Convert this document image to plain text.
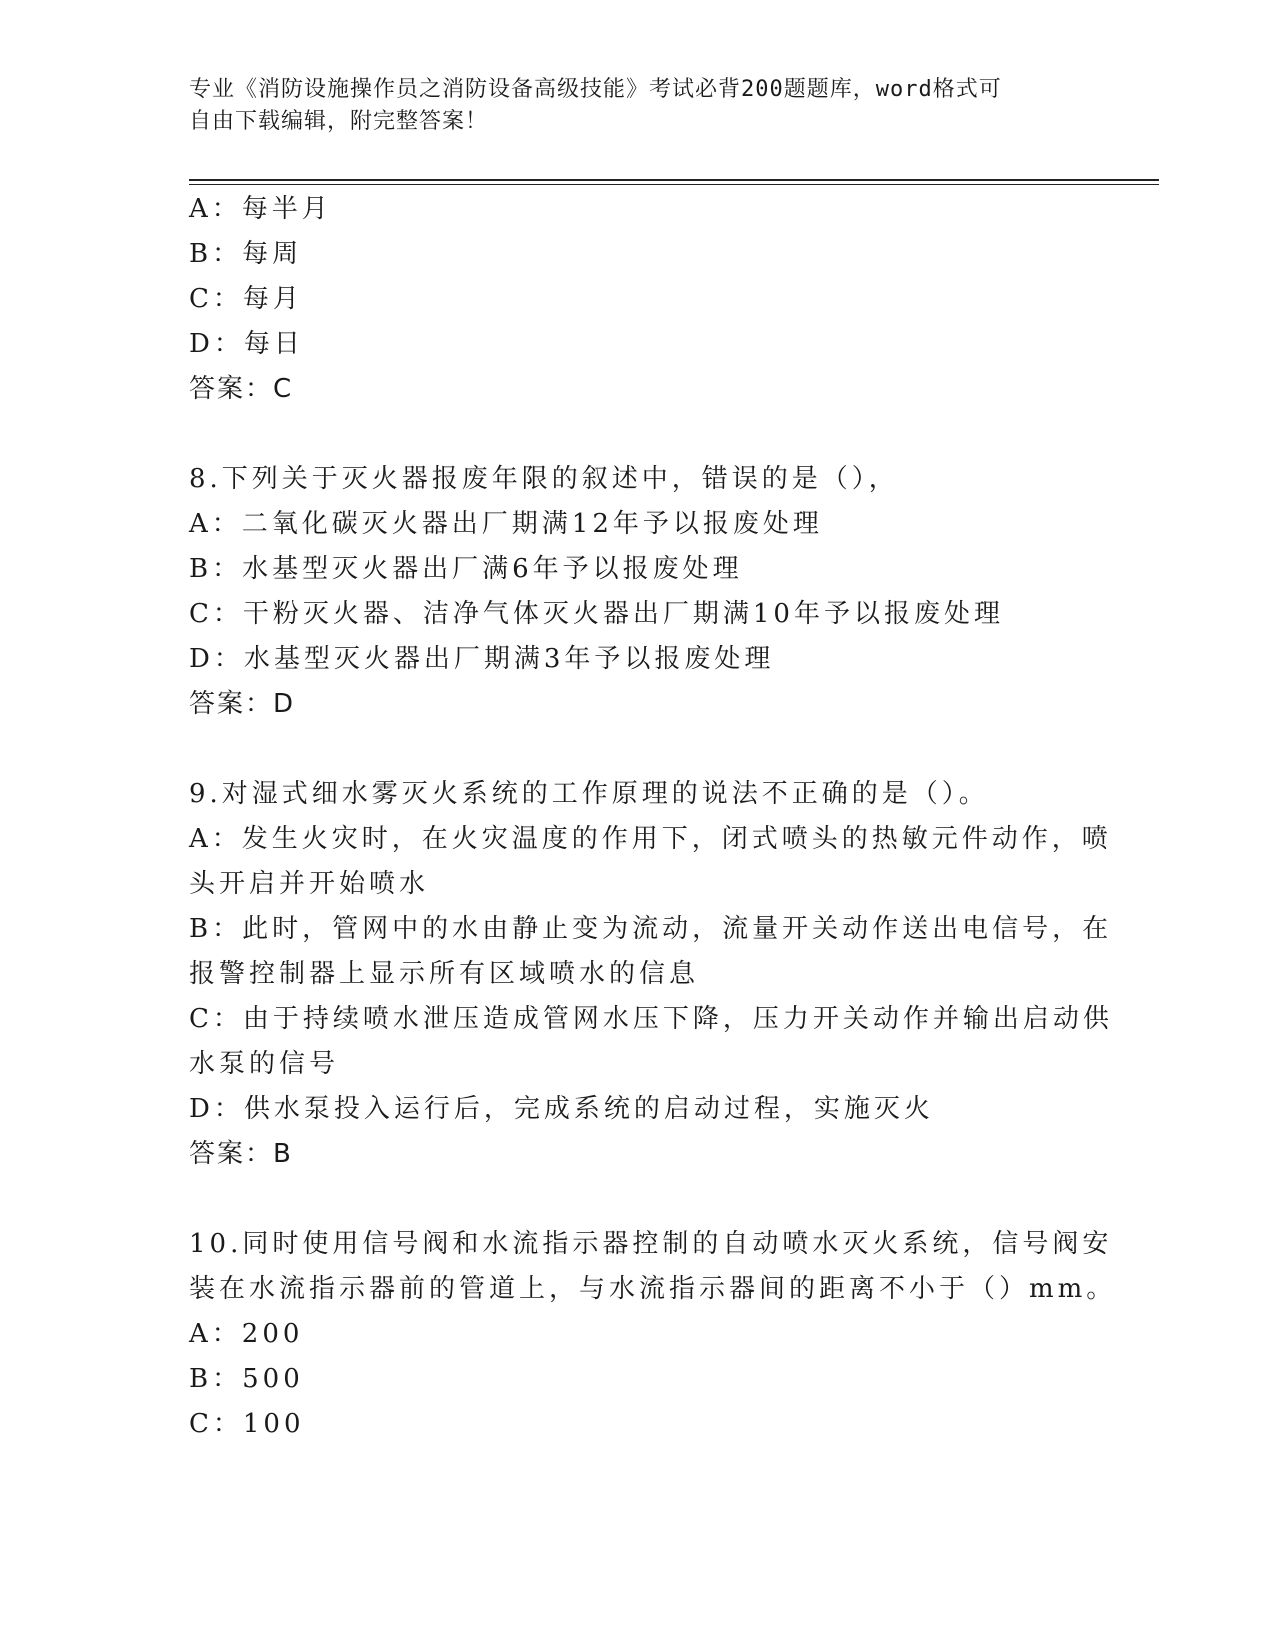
专业《消防设施操作员之消防设备高级技能》考试必背200题题库，word格式可
自由下载编辑，附完整答案！
A：每半月
B：每周
C：每月
D：每日
答案：C
8.下列关于灭火器报废年限的叙述中，错误的是（），
A：二氧化碳灭火器出厂期满12年予以报废处理
B：水基型灭火器出厂满6年予以报废处理
C：干粉灭火器、洁净气体灭火器出厂期满10年予以报废处理
D：水基型灭火器出厂期满3年予以报废处理
答案：D
9.对湿式细水雾灭火系统的工作原理的说法不正确的是（）。
A：发生火灾时，在火灾温度的作用下，闭式喷头的热敏元件动作，喷
头开启并开始喷水
B：此时，管网中的水由静止变为流动，流量开关动作送出电信号，在
报警控制器上显示所有区域喷水的信息
C：由于持续喷水泄压造成管网水压下降，压力开关动作并输出启动供
水泵的信号
D：供水泵投入运行后，完成系统的启动过程，实施灭火
答案：B
10.同时使用信号阀和水流指示器控制的自动喷水灭火系统，信号阀安
装在水流指示器前的管道上，与水流指示器间的距离不小于（）mm。
A：200
B：500
C：100
